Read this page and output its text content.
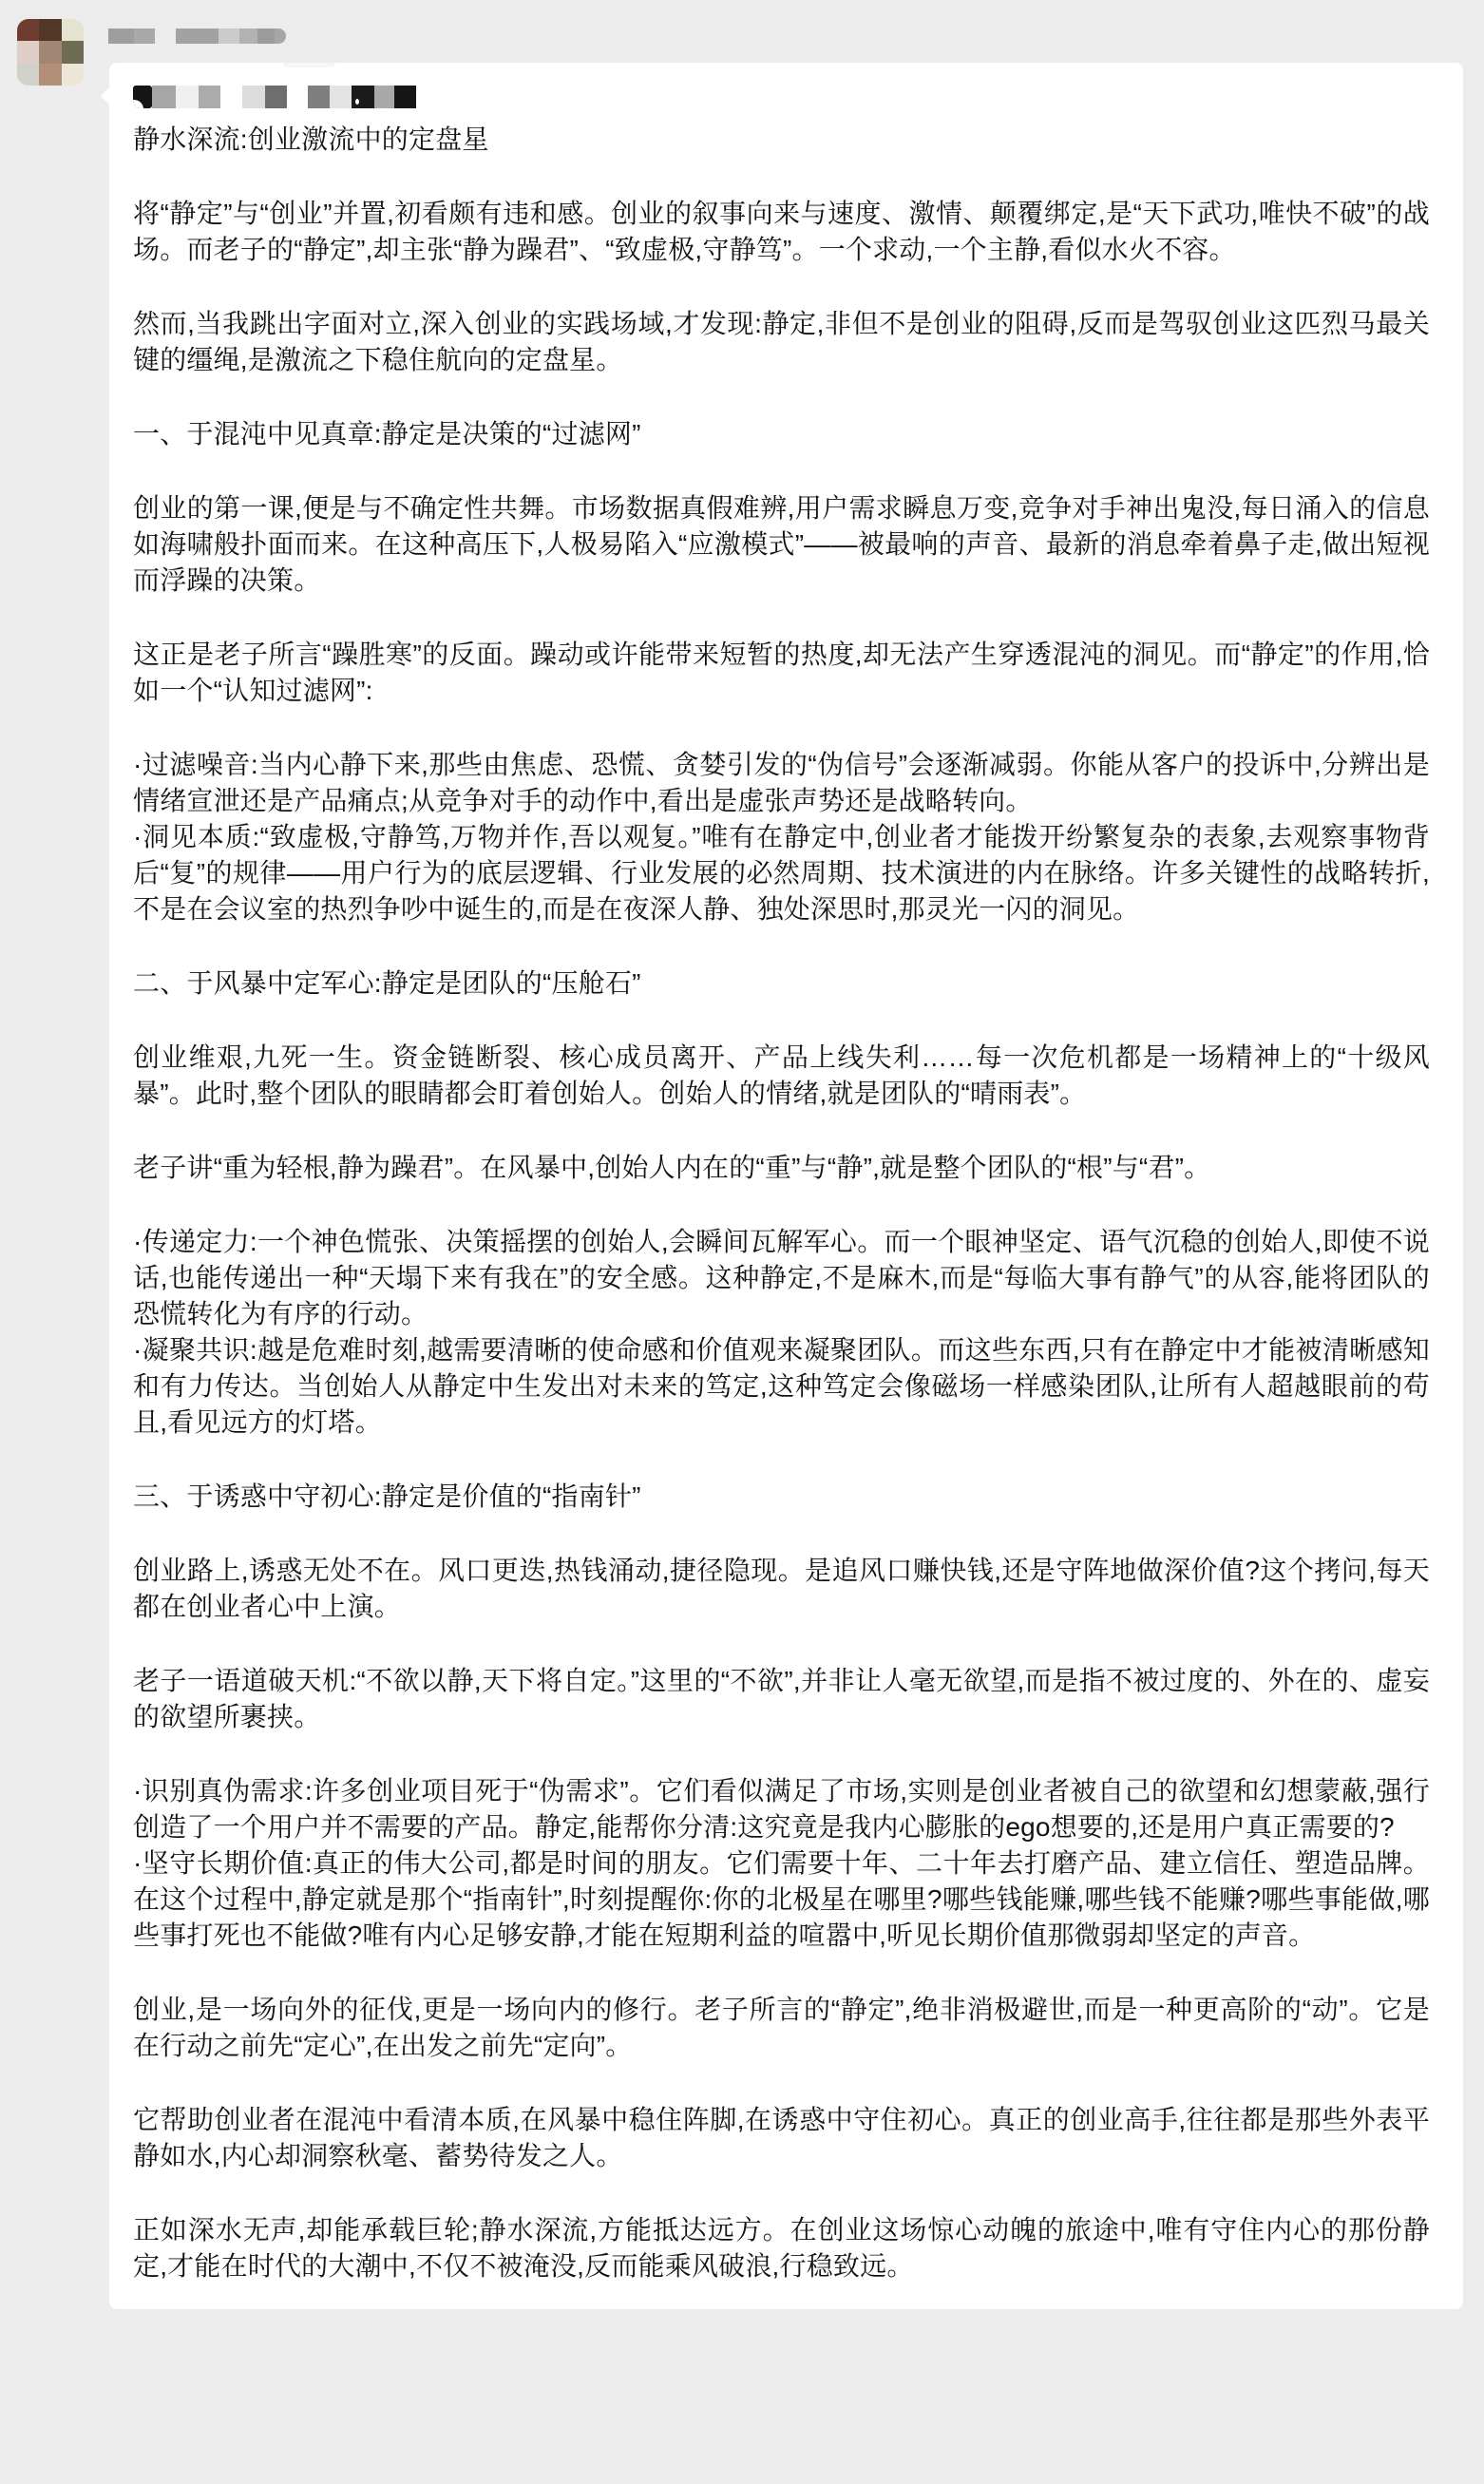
静水深流:创业激流中的定盘星
将“静定”与“创业”并置,初看颇有违和感。创业的叙事向来与速度、激情、颠覆绑定,是“天下武功,唯快不破”的战场。而老子的“静定”,却主张“静为躁君”、“致虚极,守静笃”。一个求动,一个主静,看似水火不容。
然而,当我跳出字面对立,深入创业的实践场域,才发现:静定,非但不是创业的阻碍,反而是驾驭创业这匹烈马最关键的缰绳,是激流之下稳住航向的定盘星。
一、于混沌中见真章:静定是决策的“过滤网”
创业的第一课,便是与不确定性共舞。市场数据真假难辨,用户需求瞬息万变,竞争对手神出鬼没,每日涌入的信息如海啸般扑面而来。在这种高压下,人极易陷入“应激模式”——被最响的声音、最新的消息牵着鼻子走,做出短视而浮躁的决策。
这正是老子所言“躁胜寒”的反面。躁动或许能带来短暂的热度,却无法产生穿透混沌的洞见。而“静定”的作用,恰如一个“认知过滤网”:
·过滤噪音:当内心静下来,那些由焦虑、恐慌、贪婪引发的“伪信号”会逐渐减弱。你能从客户的投诉中,分辨出是情绪宣泄还是产品痛点;从竞争对手的动作中,看出是虚张声势还是战略转向。
·洞见本质:“致虚极,守静笃,万物并作,吾以观复。”唯有在静定中,创业者才能拨开纷繁复杂的表象,去观察事物背后“复”的规律——用户行为的底层逻辑、行业发展的必然周期、技术演进的内在脉络。许多关键性的战略转折,不是在会议室的热烈争吵中诞生的,而是在夜深人静、独处深思时,那灵光一闪的洞见。
二、于风暴中定军心:静定是团队的“压舱石”
创业维艰,九死一生。资金链断裂、核心成员离开、产品上线失利……每一次危机都是一场精神上的“十级风暴”。此时,整个团队的眼睛都会盯着创始人。创始人的情绪,就是团队的“晴雨表”。
老子讲“重为轻根,静为躁君”。在风暴中,创始人内在的“重”与“静”,就是整个团队的“根”与“君”。
·传递定力:一个神色慌张、决策摇摆的创始人,会瞬间瓦解军心。而一个眼神坚定、语气沉稳的创始人,即使不说话,也能传递出一种“天塌下来有我在”的安全感。这种静定,不是麻木,而是“每临大事有静气”的从容,能将团队的恐慌转化为有序的行动。
·凝聚共识:越是危难时刻,越需要清晰的使命感和价值观来凝聚团队。而这些东西,只有在静定中才能被清晰感知和有力传达。当创始人从静定中生发出对未来的笃定,这种笃定会像磁场一样感染团队,让所有人超越眼前的苟且,看见远方的灯塔。
三、于诱惑中守初心:静定是价值的“指南针”
创业路上,诱惑无处不在。风口更迭,热钱涌动,捷径隐现。是追风口赚快钱,还是守阵地做深价值?这个拷问,每天都在创业者心中上演。
老子一语道破天机:“不欲以静,天下将自定。”这里的“不欲”,并非让人毫无欲望,而是指不被过度的、外在的、虚妄的欲望所裹挟。
·识别真伪需求:许多创业项目死于“伪需求”。它们看似满足了市场,实则是创业者被自己的欲望和幻想蒙蔽,强行创造了一个用户并不需要的产品。静定,能帮你分清:这究竟是我内心膨胀的ego想要的,还是用户真正需要的?
·坚守长期价值:真正的伟大公司,都是时间的朋友。它们需要十年、二十年去打磨产品、建立信任、塑造品牌。在这个过程中,静定就是那个“指南针”,时刻提醒你:你的北极星在哪里?哪些钱能赚,哪些钱不能赚?哪些事能做,哪些事打死也不能做?唯有内心足够安静,才能在短期利益的喧嚣中,听见长期价值那微弱却坚定的声音。
创业,是一场向外的征伐,更是一场向内的修行。老子所言的“静定”,绝非消极避世,而是一种更高阶的“动”。它是在行动之前先“定心”,在出发之前先“定向”。
它帮助创业者在混沌中看清本质,在风暴中稳住阵脚,在诱惑中守住初心。真正的创业高手,往往都是那些外表平静如水,内心却洞察秋毫、蓄势待发之人。
正如深水无声,却能承载巨轮;静水深流,方能抵达远方。在创业这场惊心动魄的旅途中,唯有守住内心的那份静定,才能在时代的大潮中,不仅不被淹没,反而能乘风破浪,行稳致远。
